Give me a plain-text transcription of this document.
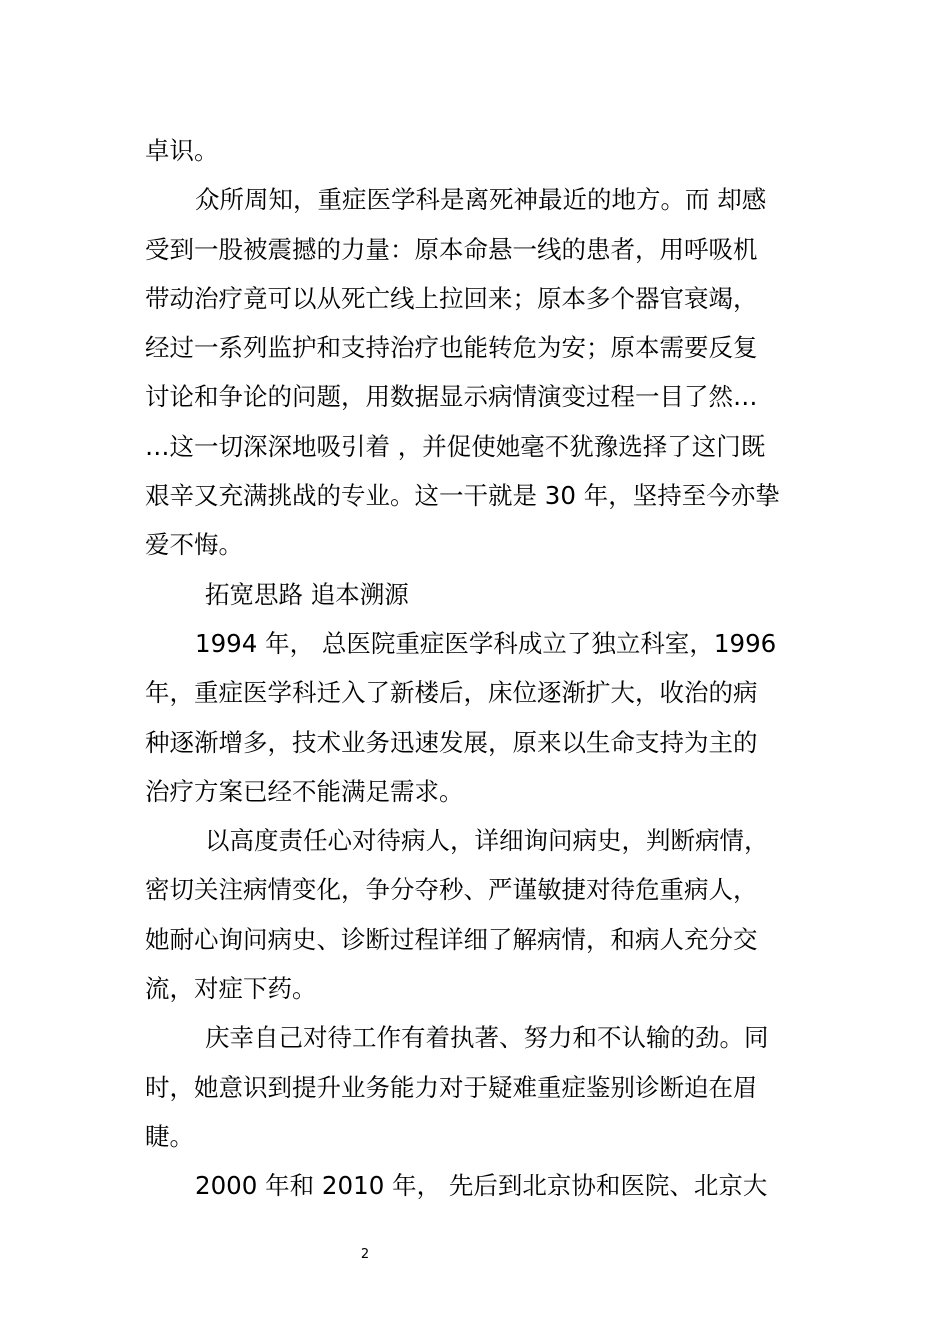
卓识。
众所周知，重症医学科是离死神最近的地方。而 却感
受到一股被震撼的力量：原本命悬一线的患者，用呼吸机
带动治疗竟可以从死亡线上拉回来；原本多个器官衰竭，
经过一系列监护和支持治疗也能转危为安；原本需要反复
讨论和争论的问题，用数据显示病情演变过程一目了然…
…这一切深深地吸引着 ，并促使她毫不犹豫选择了这门既
艰辛又充满挑战的专业。这一干就是 30 年，坚持至今亦挚
爱不悔。
拓宽思路 追本溯源
1994 年， 总医院重症医学科成立了独立科室，1996
年，重症医学科迁入了新楼后，床位逐渐扩大，收治的病
种逐渐增多，技术业务迅速发展，原来以生命支持为主的
治疗方案已经不能满足需求。
以高度责任心对待病人，详细询问病史，判断病情，
密切关注病情变化，争分夺秒、严谨敏捷对待危重病人，
她耐心询问病史、诊断过程详细了解病情，和病人充分交
流，对症下药。
庆幸自己对待工作有着执著、努力和不认输的劲。同
时，她意识到提升业务能力对于疑难重症鉴别诊断迫在眉
睫。
2000 年和 2010 年， 先后到北京协和医院、北京大
2
